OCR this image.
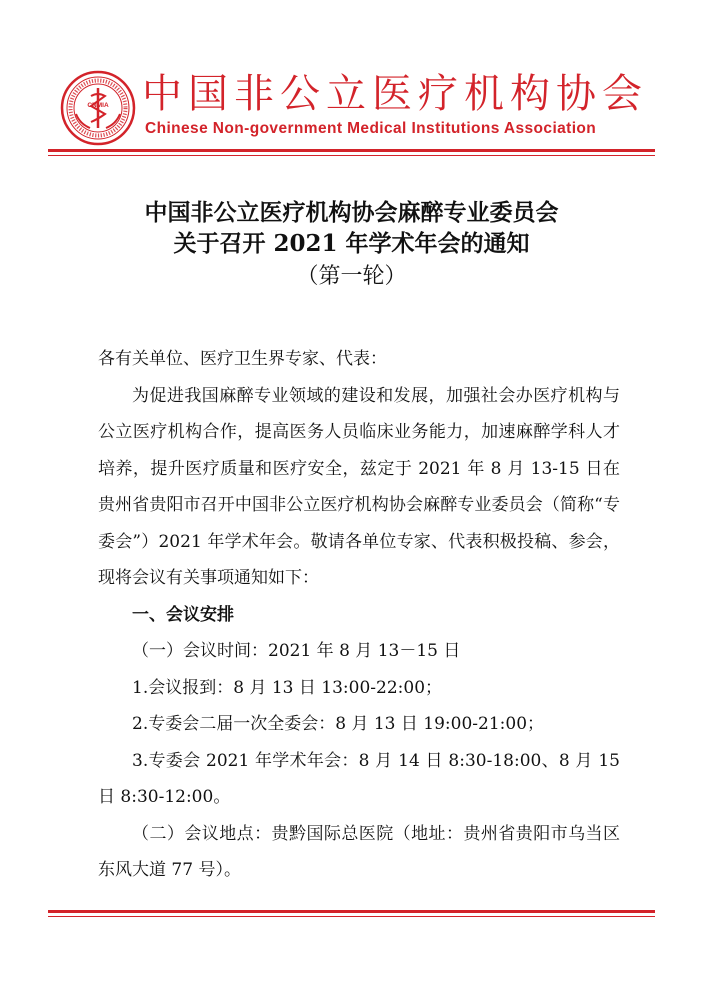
CNMIA 中国非公立医疗机构协会
Chinese Non-government Medical Institutions Association
中国非公立医疗机构协会麻醉专业委员会
关于召开 2021 年学术年会的通知
（第一轮）

各有关单位、医疗卫生界专家、代表：

为促进我国麻醉专业领域的建设和发展，加强社会办医疗机构与公立医疗机构合作，提高医务人员临床业务能力，加速麻醉学科人才培养，提升医疗质量和医疗安全，兹定于 2021 年 8 月 13-15 日在贵州省贵阳市召开中国非公立医疗机构协会麻醉专业委员会（简称“专委会”）2021 年学术年会。敬请各单位专家、代表积极投稿、参会，现将会议有关事项通知如下：

一、会议安排

（一）会议时间：2021 年 8 月 13－15 日

1.会议报到：8 月 13 日 13:00-22:00；

2.专委会二届一次全委会：8 月 13 日 19:00-21:00；

3.专委会 2021 年学术年会：8 月 14 日 8:30-18:00、8 月 15 日 8:30-12:00。

（二）会议地点：贵黔国际总医院（地址：贵州省贵阳市乌当区东风大道 77 号）。
